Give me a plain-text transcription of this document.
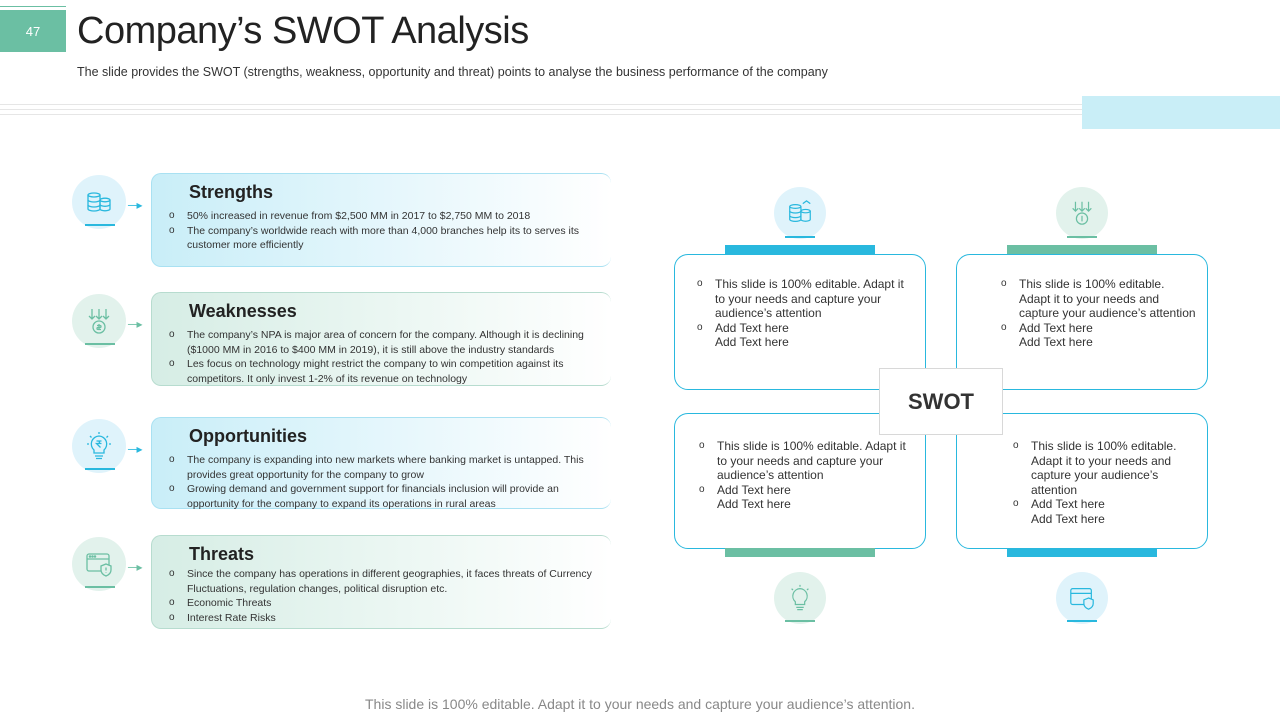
47 Company’s SWOT Analysis
The slide provides the SWOT (strengths, weakness, opportunity and threat) points to analyse the business performance of the company
─▸
Strengths
o 50% increased in revenue from $2,500 MM in 2017 to $2,750 MM to 2018
o The company’s worldwide reach with more than 4,000 branches help its to serves its customer more efficiently
─▸
Weaknesses
o The company’s NPA is major area of concern for the company. Although it is declining ($1000 MM in 2016 to $400 MM in 2019), it is still above the industry standards
o Les focus on technology might restrict the company to win competition against its competitors. It only invest 1-2% of its revenue on technology
─▸
Opportunities
o The company is expanding into new markets where banking market is untapped. This provides great opportunity for the company to grow
o Growing demand and government support for financials inclusion will provide an opportunity for the company to expand its operations in rural areas
─▸
Threats
o Since the company has operations in different geographies, it faces threats of Currency Fluctuations, regulation changes, political disruption etc.
o Economic Threats
o Interest Rate Risks
o This slide is 100% editable. Adapt it to your needs and capture your audience’s attention
o Add Text here Add Text here
o This slide is 100% editable. Adapt it to your needs and capture your audience’s attention
o Add Text here Add Text here
o This slide is 100% editable. Adapt it to your needs and capture your audience’s attention
o Add Text here Add Text here
o This slide is 100% editable. Adapt it to your needs and capture your audience’s attention
o Add Text here Add Text here
SWOT
This slide is 100% editable. Adapt it to your needs and capture your audience’s attention.
